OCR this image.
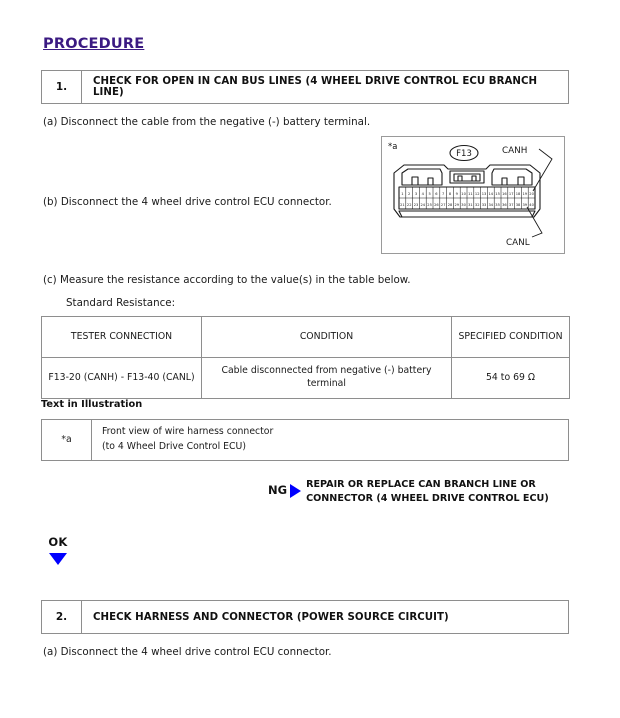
PROCEDURE
1.	CHECK FOR OPEN IN CAN BUS LINES (4 WHEEL DRIVE CONTROL ECU BRANCH LINE)
(a) Disconnect the cable from the negative (-) battery terminal.
(b) Disconnect the 4 wheel drive control ECU connector.
(c) Measure the resistance according to the value(s) in the table below.
Standard Resistance:
*a
1 2 3 4 5 6 7 8 9 10 11 12 13 14 15 16 17 18 19 20
21 22 23 24 25 26 27 28 29 30 31 32 33 34 35 36 37 38 39 40
F13	CANH
CANL
TESTER CONNECTION	CONDITION	SPECIFIED CONDITION
F13-20 (CANH) - F13-40 (CANL)	Cable disconnected from negative (-) battery terminal	54 to 69 Ω
Text in Illustration
*a	
Front view of wire harness connector
(to 4 Wheel Drive Control ECU)
NG REPAIR OR REPLACE CAN BRANCH LINE OR
CONNECTOR (4 WHEEL DRIVE CONTROL ECU)
OK
2.	CHECK HARNESS AND CONNECTOR (POWER SOURCE CIRCUIT)
(a) Disconnect the 4 wheel drive control ECU connector.
